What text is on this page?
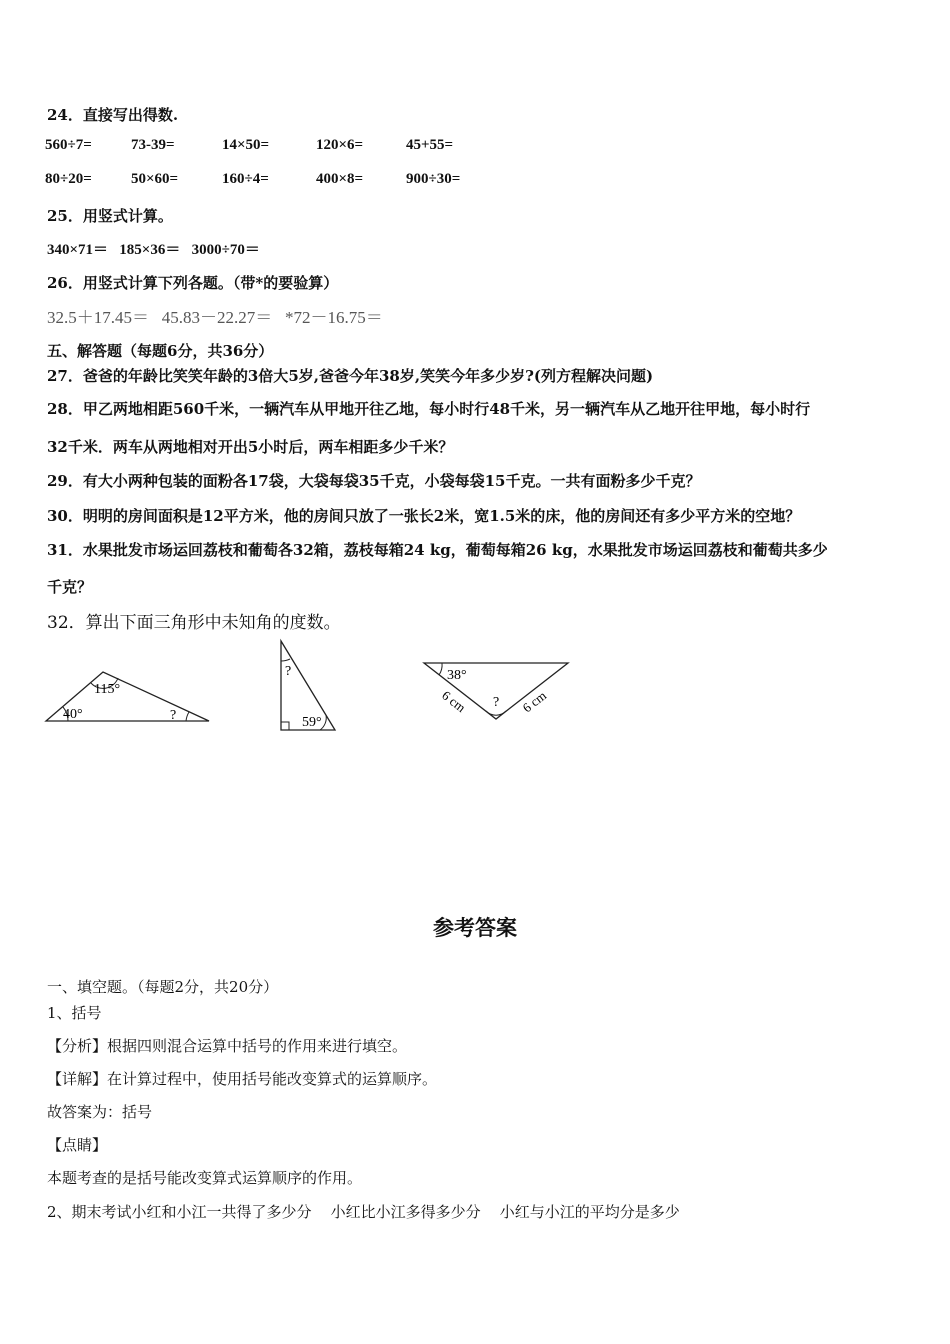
24．直接写出得数.
560÷7=	73-39=	14×50=	120×6=	45+55=
80÷20=	50×60=	160÷4=	400×8=	900÷30=
25．用竖式计算。
340×71＝   185×36＝   3000÷70＝
26．用竖式计算下列各题。（带*的要验算）
32.5＋17.45＝   45.83－22.27＝   *72－16.75＝
五、解答题（每题6分，共36分）
27．爸爸的年龄比笑笑年龄的3倍大5岁,爸爸今年38岁,笑笑今年多少岁?(列方程解决问题)
28．甲乙两地相距560千米，一辆汽车从甲地开往乙地，每小时行48千米，另一辆汽车从乙地开往甲地，每小时行
32千米．两车从两地相对开出5小时后，两车相距多少千米？
29．有大小两种包装的面粉各17袋，大袋每袋35千克，小袋每袋15千克。一共有面粉多少千克？
30．明明的房间面积是12平方米，他的房间只放了一张长2米，宽1.5米的床，他的房间还有多少平方米的空地？
31．水果批发市场运回荔枝和葡萄各32箱，荔枝每箱24 kg，葡萄每箱26 kg，水果批发市场运回荔枝和葡萄共多少
千克？
32．算出下面三角形中未知角的度数。
115°
40°	?
?
59°
38°
?
6 cm	6 cm
参考答案
一、填空题。（每题2分，共20分）
1、括号
【分析】根据四则混合运算中括号的作用来进行填空。
【详解】在计算过程中，使用括号能改变算式的运算顺序。
故答案为：括号
【点睛】
本题考查的是括号能改变算式运算顺序的作用。
2、期末考试小红和小江一共得了多少分    小红比小江多得多少分    小红与小江的平均分是多少
